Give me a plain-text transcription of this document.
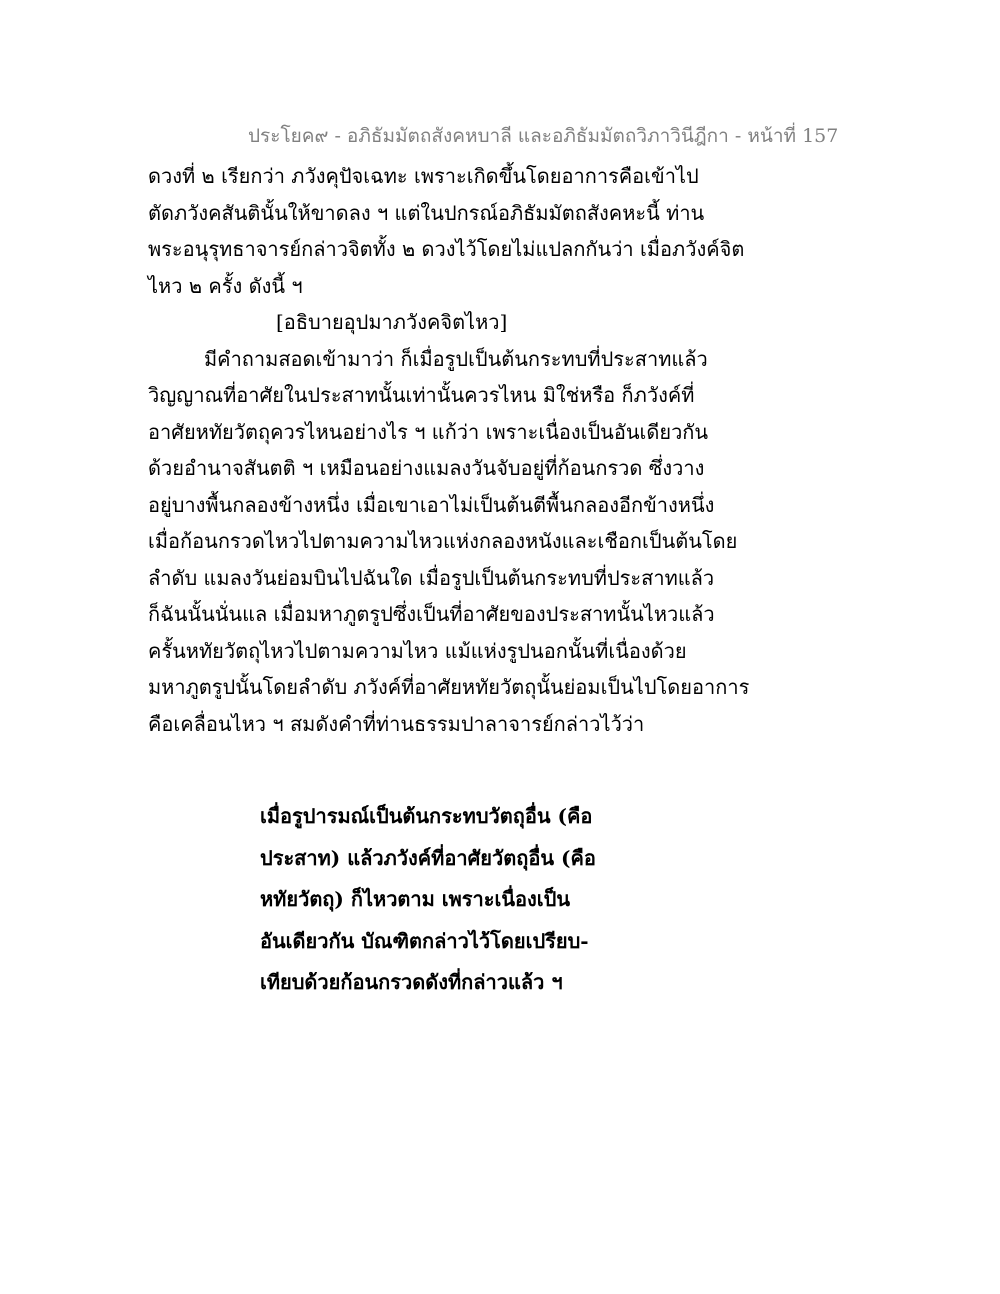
ประโยค๙ - อภิธัมมัตถสังคหบาลี และอภิธัมมัตถวิภาวินีฎีกา - หน้าที่ 157
ดวงที่ ๒ เรียกว่า ภวังคุปัจเฉทะ เพราะเกิดขึ้นโดยอาการคือเข้าไป
ตัดภวังคสันตินั้นให้ขาดลง ฯ แต่ในปกรณ์อภิธัมมัตถสังคหะนี้ ท่าน
พระอนุรุทธาจารย์กล่าวจิตทั้ง ๒ ดวงไว้โดยไม่แปลกกันว่า เมื่อภวังค์จิต
ไหว ๒ ครั้ง ดังนี้ ฯ
[อธิบายอุปมาภวังคจิตไหว]
มีคำถามสอดเข้ามาว่า ก็เมื่อรูปเป็นต้นกระทบที่ประสาทแล้ว
วิญญาณที่อาศัยในประสาทนั้นเท่านั้นควรไหน มิใช่หรือ ก็ภวังค์ที่
อาศัยหทัยวัตถุควรไหนอย่างไร ฯ แก้ว่า เพราะเนื่องเป็นอันเดียวกัน
ด้วยอำนาจสันตติ ฯ เหมือนอย่างแมลงวันจับอยู่ที่ก้อนกรวด ซึ่งวาง
อยู่บางพื้นกลองข้างหนึ่ง เมื่อเขาเอาไม่เป็นต้นตีพื้นกลองอีกข้างหนึ่ง
เมื่อก้อนกรวดไหวไปตามความไหวแห่งกลองหนังและเชือกเป็นต้นโดย
ลำดับ แมลงวันย่อมบินไปฉันใด เมื่อรูปเป็นต้นกระทบที่ประสาทแล้ว
ก็ฉันนั้นนั่นแล เมื่อมหาภูตรูปซึ่งเป็นที่อาศัยของประสาทนั้นไหวแล้ว
ครั้นหทัยวัตถุไหวไปตามความไหว แม้แห่งรูปนอกนั้นที่เนื่องด้วย
มหาภูตรูปนั้นโดยลำดับ ภวังค์ที่อาศัยหทัยวัตถุนั้นย่อมเป็นไปโดยอาการ
คือเคลื่อนไหว ฯ สมดังคำที่ท่านธรรมปาลาจารย์กล่าวไว้ว่า
เมื่อรูปารมณ์เป็นต้นกระทบวัตถุอื่น (คือ
ประสาท) แล้วภวังค์ที่อาศัยวัตถุอื่น (คือ
หทัยวัตถุ) ก็ไหวตาม เพราะเนื่องเป็น
อันเดียวกัน บัณฑิตกล่าวไว้โดยเปรียบ-
เทียบด้วยก้อนกรวดดังที่กล่าวแล้ว ฯ
